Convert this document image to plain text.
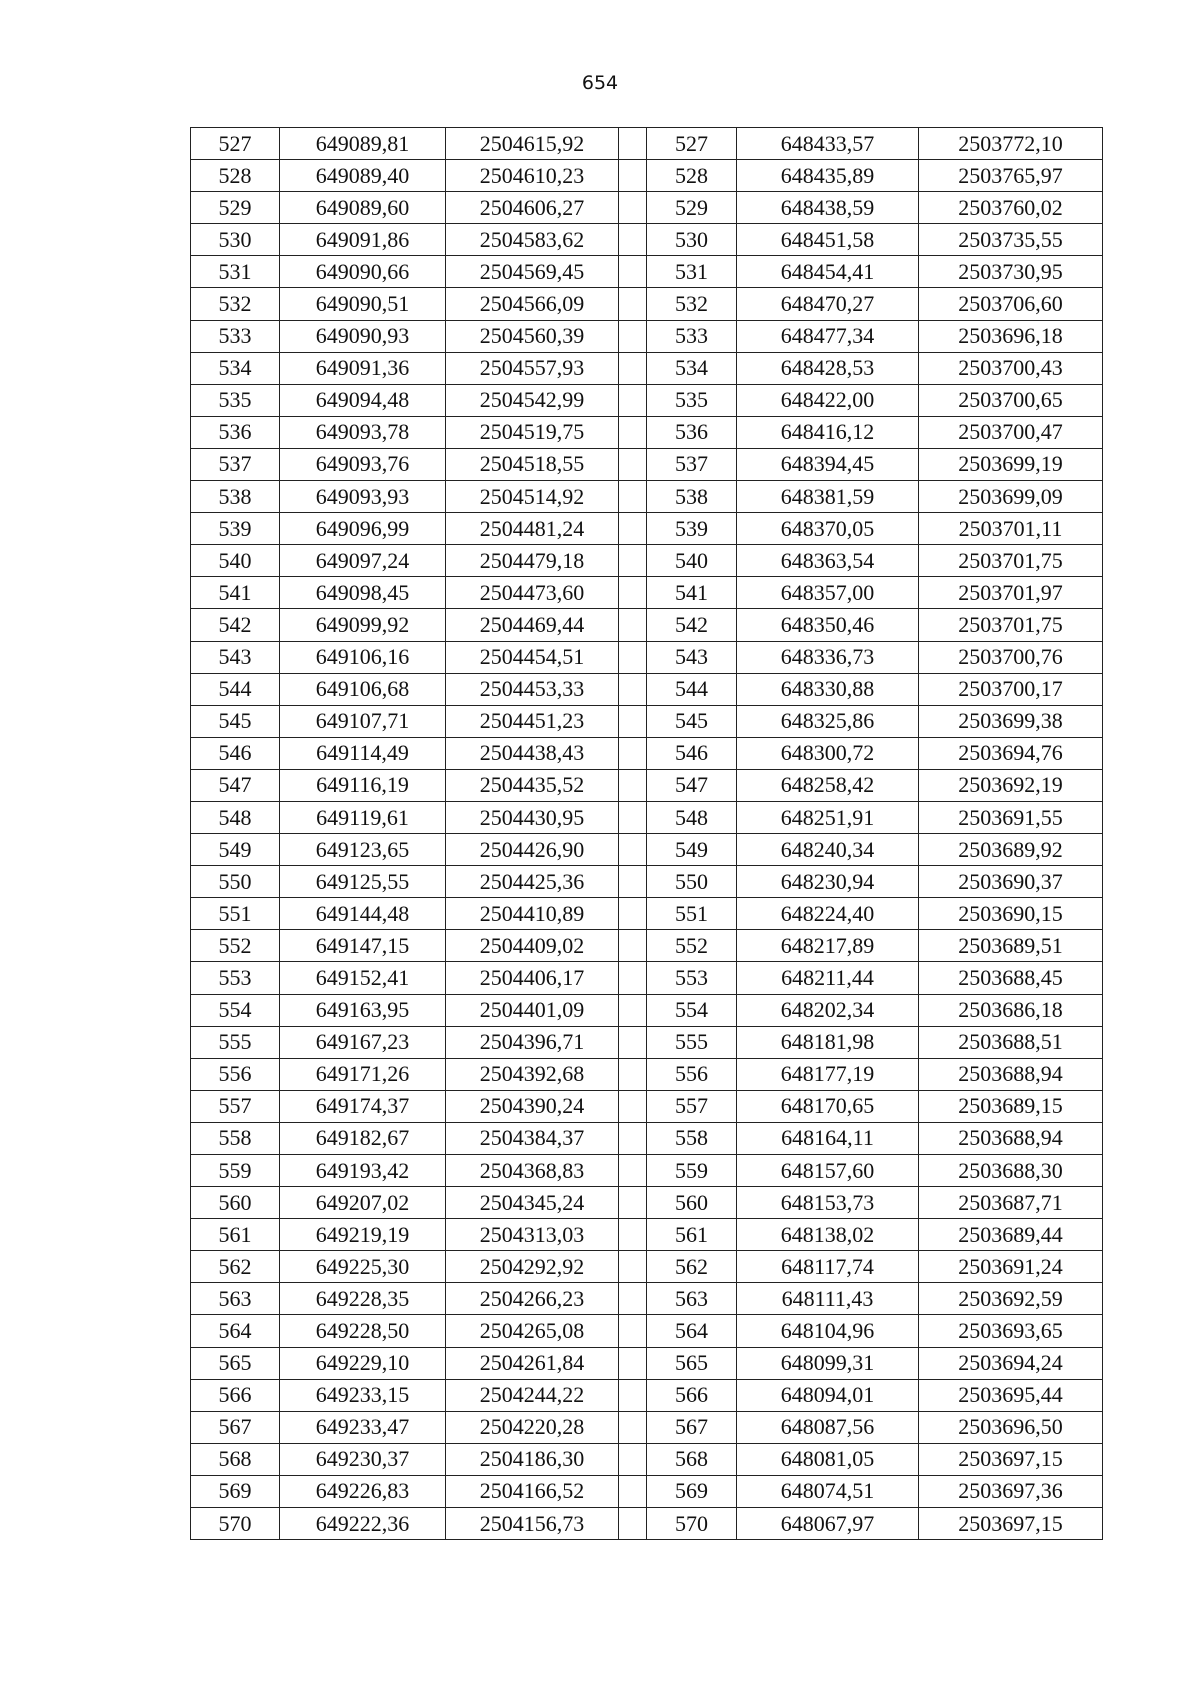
654
527	649089,81	2504615,92		527	648433,57	2503772,10
528	649089,40	2504610,23		528	648435,89	2503765,97
529	649089,60	2504606,27		529	648438,59	2503760,02
530	649091,86	2504583,62		530	648451,58	2503735,55
531	649090,66	2504569,45		531	648454,41	2503730,95
532	649090,51	2504566,09		532	648470,27	2503706,60
533	649090,93	2504560,39		533	648477,34	2503696,18
534	649091,36	2504557,93		534	648428,53	2503700,43
535	649094,48	2504542,99		535	648422,00	2503700,65
536	649093,78	2504519,75		536	648416,12	2503700,47
537	649093,76	2504518,55		537	648394,45	2503699,19
538	649093,93	2504514,92		538	648381,59	2503699,09
539	649096,99	2504481,24		539	648370,05	2503701,11
540	649097,24	2504479,18		540	648363,54	2503701,75
541	649098,45	2504473,60		541	648357,00	2503701,97
542	649099,92	2504469,44		542	648350,46	2503701,75
543	649106,16	2504454,51		543	648336,73	2503700,76
544	649106,68	2504453,33		544	648330,88	2503700,17
545	649107,71	2504451,23		545	648325,86	2503699,38
546	649114,49	2504438,43		546	648300,72	2503694,76
547	649116,19	2504435,52		547	648258,42	2503692,19
548	649119,61	2504430,95		548	648251,91	2503691,55
549	649123,65	2504426,90		549	648240,34	2503689,92
550	649125,55	2504425,36		550	648230,94	2503690,37
551	649144,48	2504410,89		551	648224,40	2503690,15
552	649147,15	2504409,02		552	648217,89	2503689,51
553	649152,41	2504406,17		553	648211,44	2503688,45
554	649163,95	2504401,09		554	648202,34	2503686,18
555	649167,23	2504396,71		555	648181,98	2503688,51
556	649171,26	2504392,68		556	648177,19	2503688,94
557	649174,37	2504390,24		557	648170,65	2503689,15
558	649182,67	2504384,37		558	648164,11	2503688,94
559	649193,42	2504368,83		559	648157,60	2503688,30
560	649207,02	2504345,24		560	648153,73	2503687,71
561	649219,19	2504313,03		561	648138,02	2503689,44
562	649225,30	2504292,92		562	648117,74	2503691,24
563	649228,35	2504266,23		563	648111,43	2503692,59
564	649228,50	2504265,08		564	648104,96	2503693,65
565	649229,10	2504261,84		565	648099,31	2503694,24
566	649233,15	2504244,22		566	648094,01	2503695,44
567	649233,47	2504220,28		567	648087,56	2503696,50
568	649230,37	2504186,30		568	648081,05	2503697,15
569	649226,83	2504166,52		569	648074,51	2503697,36
570	649222,36	2504156,73		570	648067,97	2503697,15
